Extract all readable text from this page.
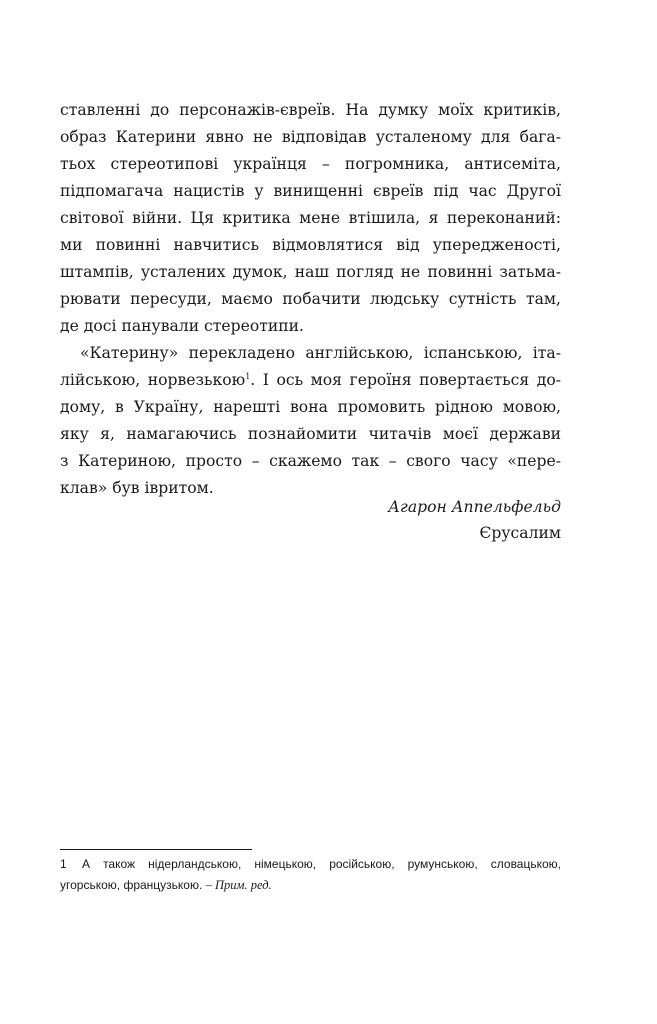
ставленні до персонажів-євреїв. На думку моїх критиків,
образ Катерини явно не відповідав усталеному для бага-
тьох стереотипові українця – погромника, антисеміта,
підпомагача нацистів у винищенні євреїв під час Другої
світової війни. Ця критика мене втішила, я переконаний:
ми повинні навчитись відмовлятися від упередженості,
штампів, усталених думок, наш погляд не повинні затьма-
рювати пересуди, маємо побачити людську сутність там,
де досі панували стереотипи.
«Катерину» перекладено англійською, іспанською, іта-
лійською, норвезькою$^1$. І ось моя героїня повертається до-
дому, в Україну, нарешті вона промовить рідною мовою,
яку я, намагаючись познайомити читачів моєї держави
з Катериною, просто – скажемо так – свого часу «пере-
клав» був івритом.
Агарон Аппельфельд
Єрусалим
1 А також нідерландською, німецькою, російською, румунською, словацькою,
угорською, французькою. – Прим. ред.
